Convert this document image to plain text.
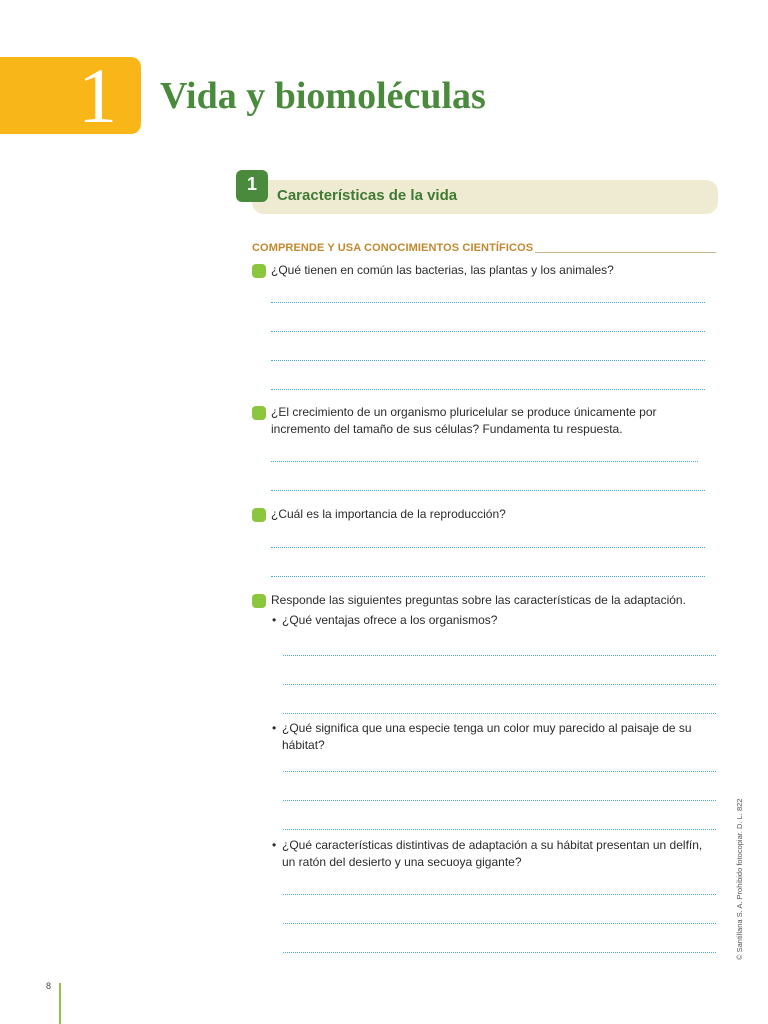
1	Vida y biomoléculas
1
Características de la vida
COMPRENDE Y USA CONOCIMIENTOS CIENTÍFICOS
¿Qué tienen en común las bacterias, las plantas y los animales?
¿El crecimiento de un organismo pluricelular se produce únicamente por
incremento del tamaño de sus células? Fundamenta tu respuesta.
¿Cuál es la importancia de la reproducción?
Responde las siguientes preguntas sobre las características de la adaptación.
• ¿Qué ventajas ofrece a los organismos?
• ¿Qué significa que una especie tenga un color muy parecido al paisaje de su
hábitat?
• ¿Qué características distintivas de adaptación a su hábitat presentan un delfín,
un ratón del desierto y una secuoya gigante?	© Santillana S. A. Prohibido fotocopiar. D. L. 822
8
